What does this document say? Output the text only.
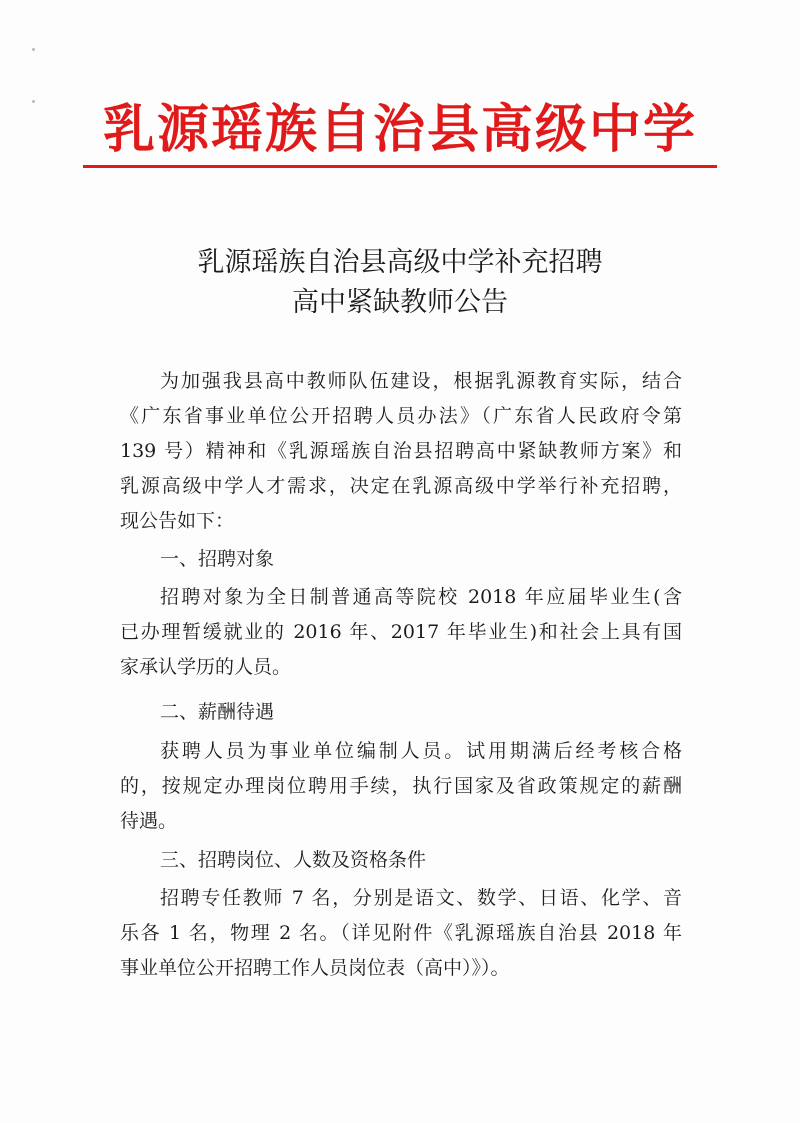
乳源瑶族自治县高级中学
乳源瑶族自治县高级中学补充招聘
高中紧缺教师公告
为加强我县高中教师队伍建设，根据乳源教育实际，结合
《广东省事业单位公开招聘人员办法》（广东省人民政府令第
139 号）精神和《乳源瑶族自治县招聘高中紧缺教师方案》和
乳源高级中学人才需求，决定在乳源高级中学举行补充招聘，
现公告如下：
一、招聘对象
招聘对象为全日制普通高等院校 2018 年应届毕业生(含
已办理暂缓就业的 2016 年、2017 年毕业生)和社会上具有国
家承认学历的人员。
二、薪酬待遇
获聘人员为事业单位编制人员。试用期满后经考核合格
的，按规定办理岗位聘用手续，执行国家及省政策规定的薪酬
待遇。
三、招聘岗位、人数及资格条件
招聘专任教师 7 名，分别是语文、数学、日语、化学、音
乐各 1 名，物理 2 名。（详见附件《乳源瑶族自治县 2018 年
事业单位公开招聘工作人员岗位表（高中）》）。
